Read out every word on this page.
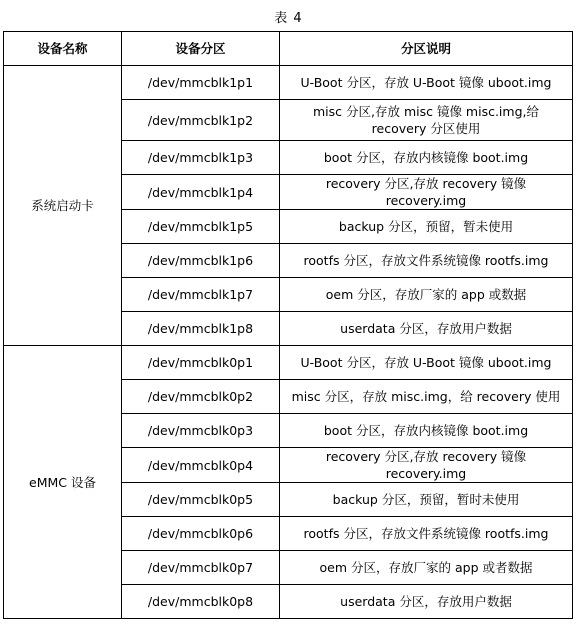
表 4
设备名称	设备分区	分区说明
系统启动卡	/dev/mmcblk1p1	U-Boot 分区，存放 U-Boot 镜像 uboot.img
	/dev/mmcblk1p2	misc 分区,存放 misc 镜像 misc.img,给 recovery 分区使用
	/dev/mmcblk1p3	boot 分区，存放内核镜像 boot.img
	/dev/mmcblk1p4	recovery 分区,存放 recovery 镜像 recovery.img
	/dev/mmcblk1p5	backup 分区，预留，暂未使用
	/dev/mmcblk1p6	rootfs 分区，存放文件系统镜像 rootfs.img
	/dev/mmcblk1p7	oem 分区，存放厂家的 app 或数据
	/dev/mmcblk1p8	userdata 分区，存放用户数据
eMMC 设备	/dev/mmcblk0p1	U-Boot 分区，存放 U-Boot 镜像 uboot.img
	/dev/mmcblk0p2	misc 分区，存放 misc.img，给 recovery 使用
	/dev/mmcblk0p3	boot 分区，存放内核镜像 boot.img
	/dev/mmcblk0p4	recovery 分区,存放 recovery 镜像 recovery.img
	/dev/mmcblk0p5	backup 分区，预留，暂时未使用
	/dev/mmcblk0p6	rootfs 分区，存放文件系统镜像 rootfs.img
	/dev/mmcblk0p7	oem 分区，存放厂家的 app 或者数据
	/dev/mmcblk0p8	userdata 分区，存放用户数据
